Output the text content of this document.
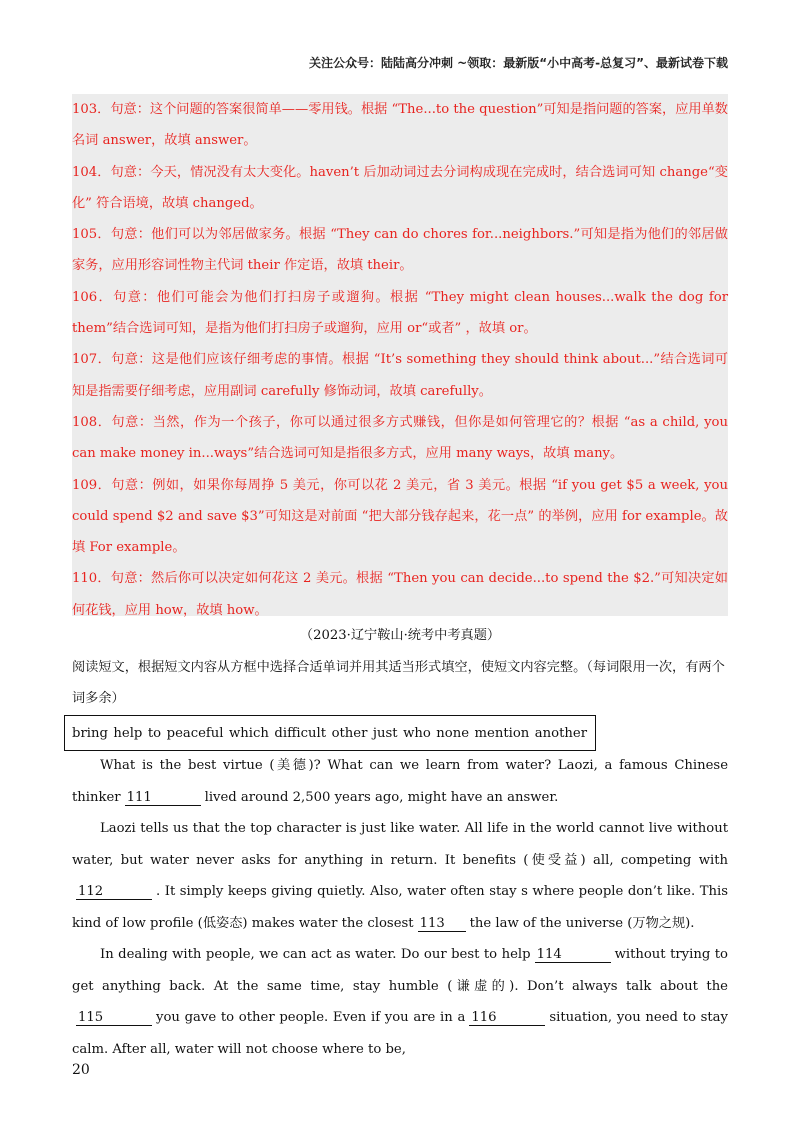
关注公众号：陆陆高分冲刺 ~领取：最新版“小中高考-总复习”、最新试卷下载

103．句意：这个问题的答案很简单——零用钱。根据 “The...to the question”可知是指问题的答案，应用单数名词 answer，故填 answer。

104．句意：今天，情况没有太大变化。haven’t 后加动词过去分词构成现在完成时，结合选词可知 change“变化” 符合语境，故填 changed。

105．句意：他们可以为邻居做家务。根据 “They can do chores for...neighbors.”可知是指为他们的邻居做家务，应用形容词性物主代词 their 作定语，故填 their。

106．句意：他们可能会为他们打扫房子或遛狗。根据 “They might clean houses...walk the dog for them”结合选词可知，是指为他们打扫房子或遛狗，应用 or“或者” ，故填 or。

107．句意：这是他们应该仔细考虑的事情。根据 “It’s something they should think about...”结合选词可知是指需要仔细考虑，应用副词 carefully 修饰动词，故填 carefully。

108．句意：当然，作为一个孩子，你可以通过很多方式赚钱，但你是如何管理它的？根据 “as a child, you can make money in...ways”结合选词可知是指很多方式，应用 many ways，故填 many。

109．句意：例如，如果你每周挣 5 美元，你可以花 2 美元，省 3 美元。根据 “if you get $5 a week, you could spend $2 and save $3”可知这是对前面 “把大部分钱存起来，花一点” 的举例，应用 for example。故填 For example。

110．句意：然后你可以决定如何花这 2 美元。根据 “Then you can decide...to spend the $2.”可知决定如何花钱，应用 how，故填 how。

（2023·辽宁鞍山·统考中考真题）
阅读短文，根据短文内容从方框中选择合适单词并用其适当形式填空，使短文内容完整。（每词限用一次，有两个词多余）
bring help to peaceful which difficult other just who none mention another

What is the best virtue (美德)? What can we learn from water? Laozi, a famous Chinese thinker 111	lived around 2,500 years ago, might have an answer.

Laozi tells us that the top character is just like water. All life in the world cannot live without water, but water never asks for anything in return. It benefits (使受益) all, competing with112	. It simply keeps giving quietly. Also, water often stay s where people don’t like. This kind of low profile (低姿态) makes water the closest 113 the law of the universe (万物之规).

In dealing with people, we can act as water. Do our best to help 114	without trying to get anything back. At the same time, stay humble (谦虚的). Don’t always talk about the115	you gave to other people. Even if you are in a 116	situation, you need to stay calm. After all, water will not choose where to be,

20
